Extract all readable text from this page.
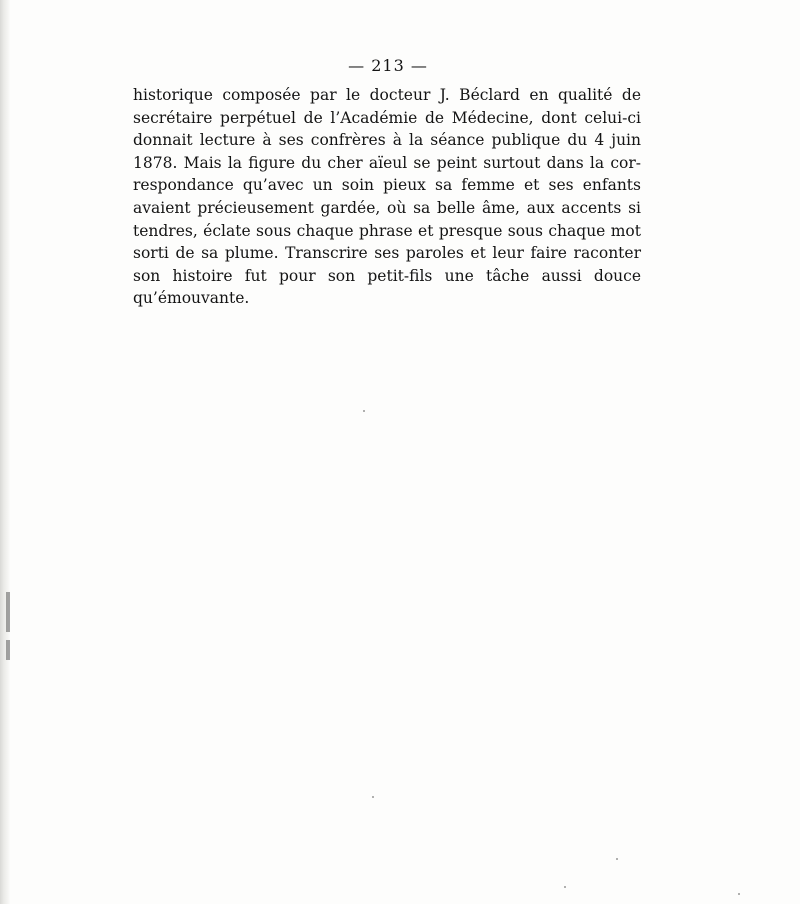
— 213 —
historique composée par le docteur J. Béclard en qualité de
secrétaire perpétuel de l’Académie de Médecine, dont celui-ci
donnait lecture à ses confrères à la séance publique du 4 juin
1878. Mais la figure du cher aïeul se peint surtout dans la cor-
respondance qu’avec un soin pieux sa femme et ses enfants
avaient précieusement gardée, où sa belle âme, aux accents si
tendres, éclate sous chaque phrase et presque sous chaque mot
sorti de sa plume. Transcrire ses paroles et leur faire raconter
son histoire fut pour son petit-fils une tâche aussi douce
qu’émouvante.
